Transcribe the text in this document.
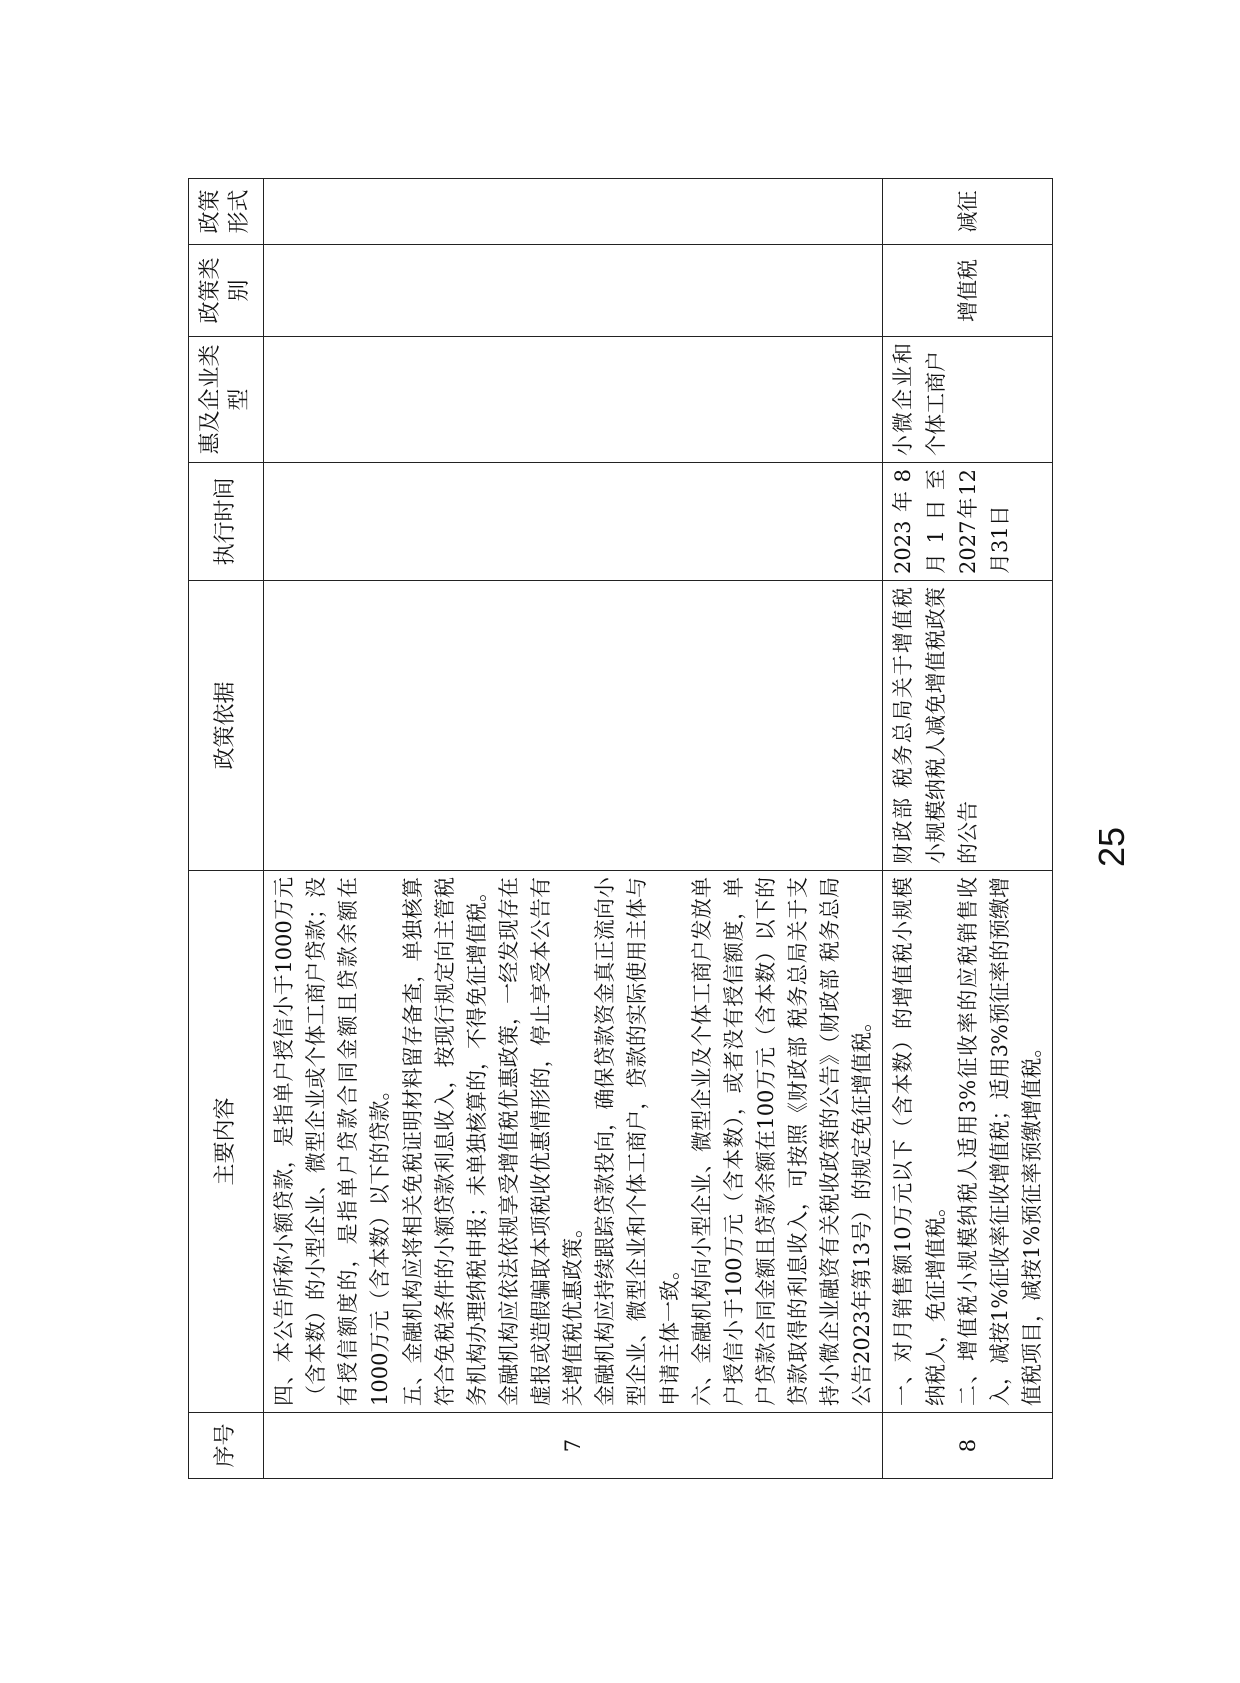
序号	主要内容	政策依据	执行时间	惠及企业类型	政策类别	政策形式
7	四、本公告所称小额贷款，是指单户授信小于1000万元（含本数）的小型企业、微型企业或个体工商户贷款；没有授信额度的，是指单户贷款合同金额且贷款余额在1000万元（含本数）以下的贷款。 五、金融机构应将相关免税证明材料留存备查，单独核算符合免税条件的小额贷款利息收入，按现行规定向主管税务机构办理纳税申报；未单独核算的，不得免征增值税。 金融机构应依法依规享受增值税优惠政策，一经发现存在虚报或造假骗取本项税收优惠情形的，停止享受本公告有关增值税优惠政策。 金融机构应持续跟踪贷款投向，确保贷款资金真正流向小型企业、微型企业和个体工商户，贷款的实际使用主体与申请主体一致。 六、金融机构向小型企业、微型企业及个体工商户发放单户授信小于100万元（含本数），或者没有授信额度，单户贷款合同金额且贷款余额在100万元（含本数）以下的贷款取得的利息收入，可按照《财政部 税务总局关于支持小微企业融资有关税收政策的公告》（财政部 税务总局公告2023年第13号）的规定免征增值税。					

8	一、对月销售额10万元以下（含本数）的增值税小规模纳税人，免征增值税。 二、增值税小规模纳税人适用3%征收率的应税销售收入，减按1%征收率征收增值税；适用3%预征率的预缴增值税项目，减按1%预征率预缴增值税。	财政部 税务总局关于增值税小规模纳税人减免增值税政策的公告	2023年8月1日至2027年12月31日	小微企业和个体工商户	增值税	减征
25
